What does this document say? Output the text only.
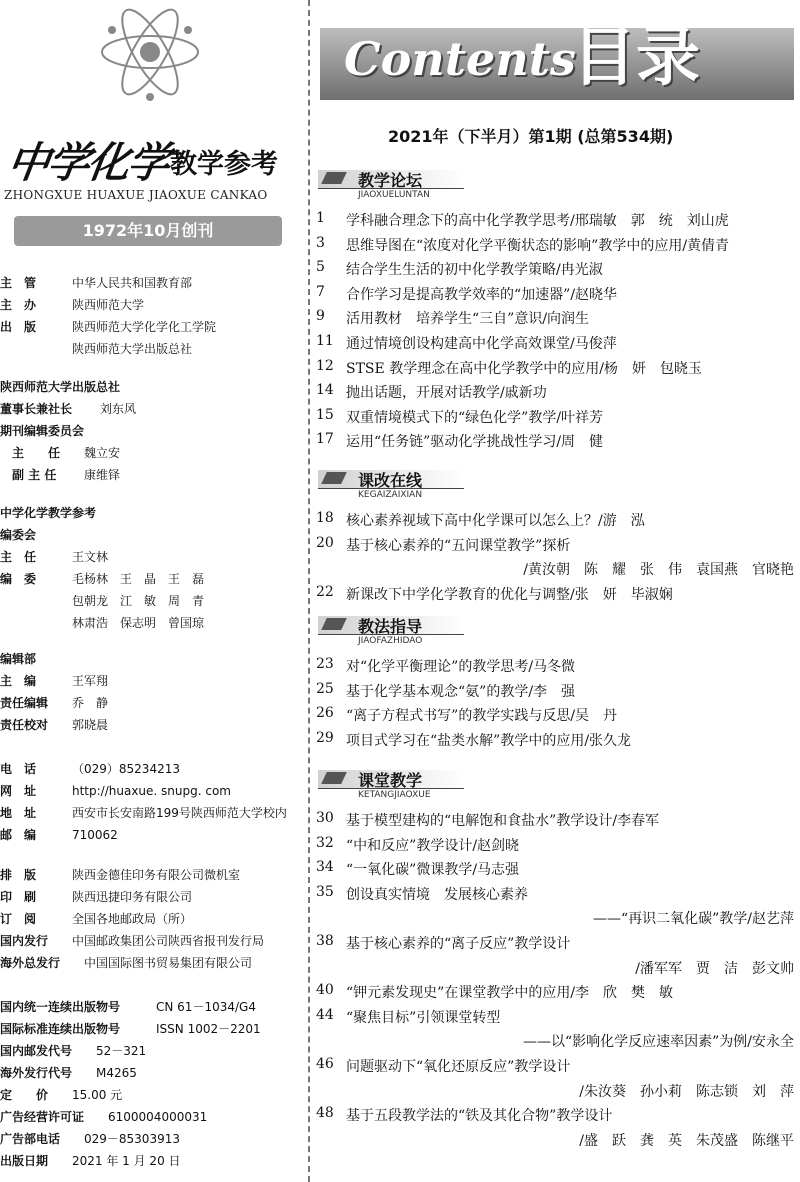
中学化学
教学参考
ZHONGXUE HUAXUE JIAOXUE CANKAO
1972年10月创刊
主　管	中华人民共和国教育部
主　办	陕西师范大学
出　版	陕西师范大学化学化工学院
陕西师范大学出版总社
陕西师范大学出版总社
董事长兼社长 刘东风
期刊编辑委员会
主　　任 魏立安
副 主 任 康维铎
中学化学教学参考
编委会
主　任	王文林
编　委	毛杨林　王　晶　王　磊
包朝龙　江　敏　周　青
林肃浩　保志明　曾国琼
编辑部
主　编	王军翔
责任编辑 乔　静
责任校对 郭晓晨
电　话	（029）85234213
网　址	http://huaxue. snupg. com
地　址	西安市长安南路199号陕西师范大学校内
邮　编	710062
排　版	陕西金德佳印务有限公司微机室
印　刷	陕西迅捷印务有限公司
订　阅	全国各地邮政局（所）
国内发行 中国邮政集团公司陕西省报刊发行局
海外总发行 中国国际图书贸易集团有限公司
国内统一连续出版物号	CN 61－1034/G4
国际标准连续出版物号	ISSN 1002－2201
国内邮发代号 52－321
海外发行代号 M4265
定　　价 15.00 元
广告经营许可证 6100004000031
广告部电话 029－85303913
出版日期 2021 年 1 月 20 日
Contents
目录
2021年（下半月）第1期 (总第534期)
教学论坛
JIAOXUELUNTAN
1 学科融合理念下的高中化学教学思考/邢瑞敏　郭　统　刘山虎
3 思维导图在“浓度对化学平衡状态的影响”教学中的应用/黄倩青
5 结合学生生活的初中化学教学策略/冉光淑
7 合作学习是提高教学效率的“加速器”/赵晓华
9 活用教材　培养学生“三自”意识/向润生
11 通过情境创设构建高中化学高效课堂/马俊萍
12 STSE 教学理念在高中化学教学中的应用/杨　妍　包晓玉
14 抛出话题，开展对话教学/戚新功
15 双重情境模式下的“绿色化学”教学/叶祥芳
17 运用“任务链”驱动化学挑战性学习/周　健
课改在线
KEGAIZAIXIAN
18 核心素养视域下高中化学课可以怎么上？/游　泓
20 基于核心素养的“五问课堂教学”探析
/黄汝朝　陈　耀　张　伟　袁国燕　官晓艳
22 新课改下中学化学教育的优化与调整/张　妍　毕淑娴
教法指导
JIAOFAZHIDAO
23 对“化学平衡理论”的教学思考/马冬微
25 基于化学基本观念“氨”的教学/李　强
26 “离子方程式书写”的教学实践与反思/吴　丹
29 项目式学习在“盐类水解”教学中的应用/张久龙
课堂教学
KETANGJIAOXUE
30 基于模型建构的“电解饱和食盐水”教学设计/李春军
32 “中和反应”教学设计/赵剑晓
34 “一氧化碳”微课教学/马志强
35 创设真实情境　发展核心素养
——“再识二氧化碳”教学/赵艺萍
38 基于核心素养的“离子反应”教学设计
/潘军军　贾　洁　彭文帅
40 “钾元素发现史”在课堂教学中的应用/李　欣　樊　敏
44 “聚焦目标”引领课堂转型
——以“影响化学反应速率因素”为例/安永全
46 问题驱动下“氧化还原反应”教学设计
/朱汝葵　孙小莉　陈志锁　刘　萍
48 基于五段教学法的“铁及其化合物”教学设计
/盛　跃　龚　英　朱茂盛　陈继平
